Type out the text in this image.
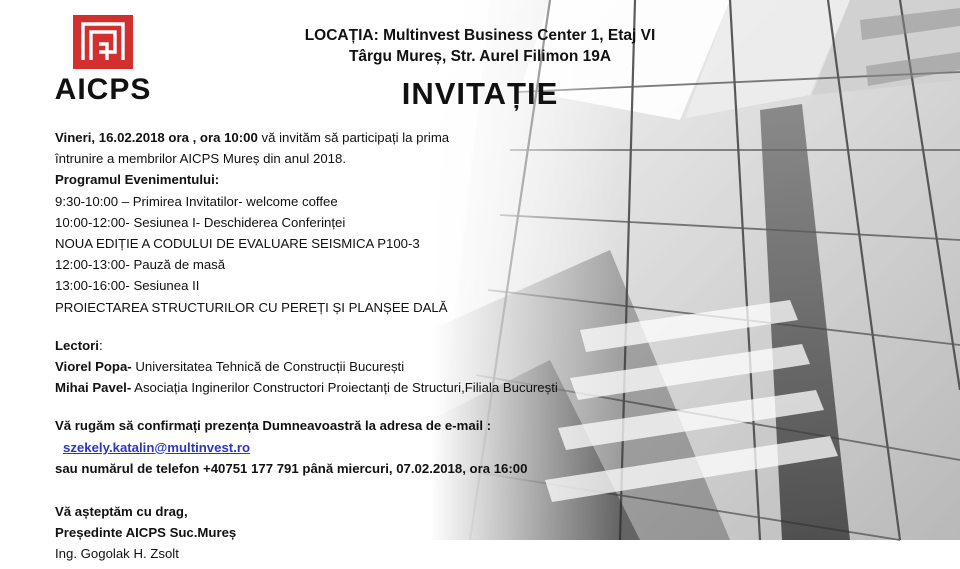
AICPS
LOCAȚIA: Multinvest Business Center 1, Etaj VI
Târgu Mureș, Str. Aurel Filimon 19A
INVITAȚIE

Vineri, 16.02.2018 ora , ora 10:00 vă invităm să participați la prima

întrunire a membrilor AICPS Mureș din anul 2018.

Programul Evenimentului:

9:30-10:00 – Primirea Invitatilor- welcome coffee

10:00-12:00- Sesiunea I- Deschiderea Conferinței

NOUA EDIȚIE A CODULUI DE EVALUARE SEISMICA P100-3

12:00-13:00- Pauză de masă

13:00-16:00- Sesiunea II

PROIECTAREA STRUCTURILOR CU PEREȚI ȘI PLANȘEE DALĂ

Lectori:

Viorel Popa- Universitatea Tehnică de Construcții București

Mihai Pavel- Asociația Inginerilor Constructori Proiectanți de Structuri,Filiala București

Vă rugăm să confirmați prezența Dumneavoastră la adresa de e-mail :

szekely.katalin@multinvest.ro

sau numărul de telefon +40751 177 791 până miercuri, 07.02.2018, ora 16:00

Vă așteptăm cu drag,

Președinte AICPS Suc.Mureș

Ing. Gogolak H. Zsolt
